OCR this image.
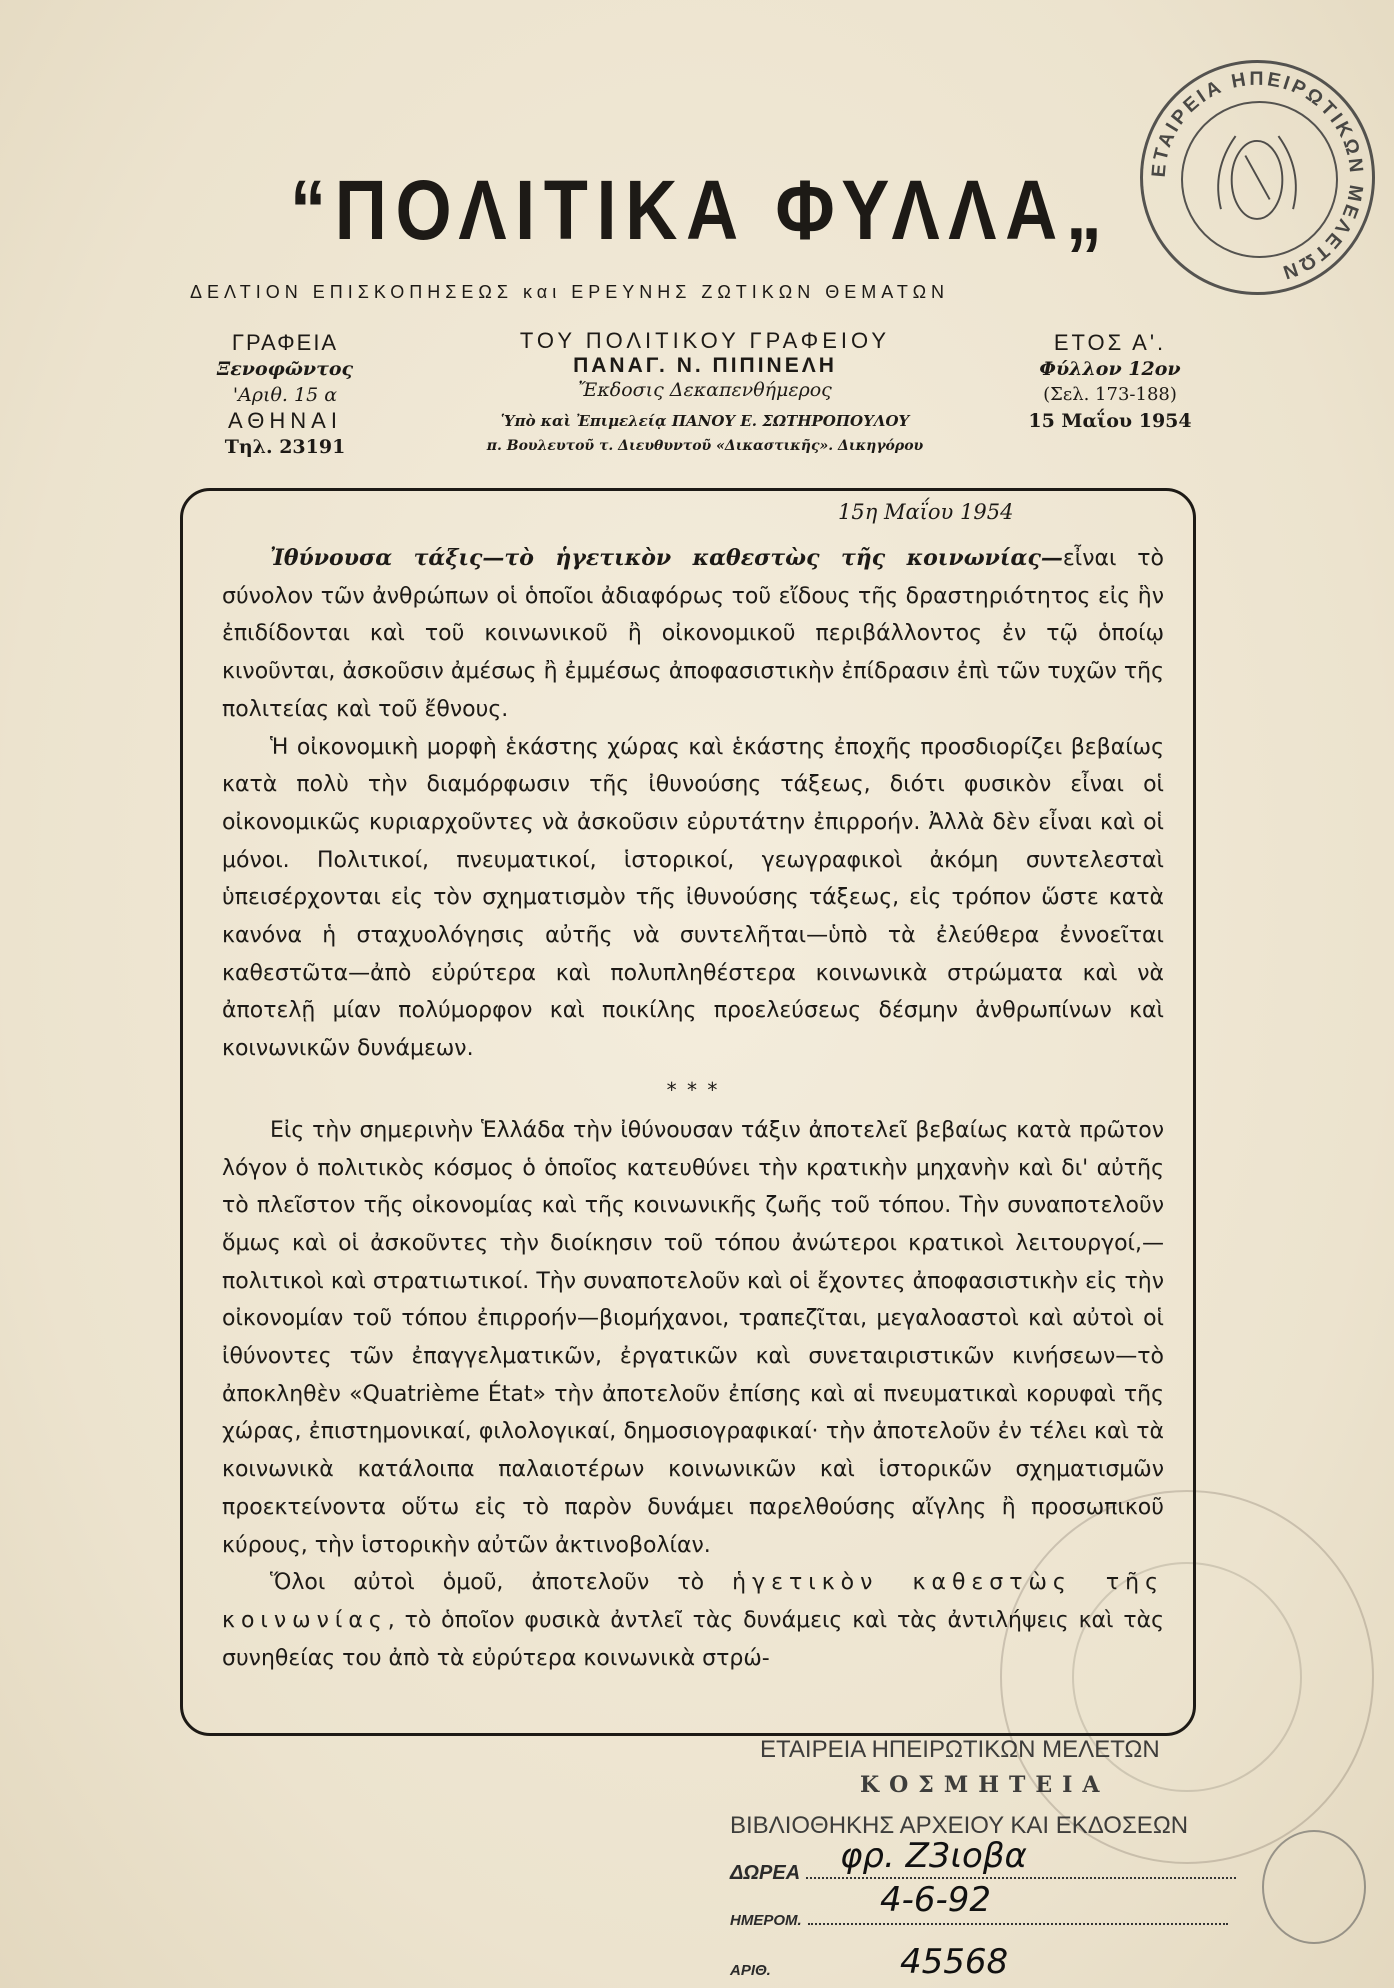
ΕΤΑΙΡΕΙΑ ΗΠΕΙΡΩΤΙΚΩΝ ΜΕΛΕΤΩΝ
“ΠΟΛΙΤΙΚΑ ΦΥΛΛΑ„
ΔΕΛΤΙΟΝ ΕΠΙΣΚΟΠΗΣΕΩΣ και ΕΡΕΥΝΗΣ ΖΩΤΙΚΩΝ ΘΕΜΑΤΩΝ
ΓΡΑΦΕΙΑ
Ξενοφῶντος
'Αριθ. 15 α
ΑΘΗΝΑΙ
Τηλ. 23191
ΤΟΥ ΠΟΛΙΤΙΚΟΥ ΓΡΑΦΕΙΟΥ
ΠΑΝΑΓ. Ν. ΠΙΠΙΝΕΛΗ
Ἔκδοσις Δεκαπενθήμερος
Ὑπὸ καὶ Ἐπιμελείᾳ ΠΑΝΟΥ Ε. ΣΩΤΗΡΟΠΟΥΛΟΥ
π. Βουλευτοῦ τ. Διευθυντοῦ «Δικαστικῆς». Δικηγόρου
ΕΤΟΣ Α'.
Φύλλον 12ον
(Σελ. 173-188)
15 Μαΐου 1954
15η Μαΐου 1954

Ἰθύνουσα τάξις—τὸ ἡγετικὸν καθεστὼς τῆς κοινωνίας—εἶναι τὸ σύνολον τῶν ἀνθρώπων οἱ ὁποῖοι ἀδιαφόρως τοῦ εἴδους τῆς δραστηριότητος εἰς ἣν ἐπιδίδονται καὶ τοῦ κοινωνικοῦ ἢ οἰκονομικοῦ περιβάλλοντος ἐν τῷ ὁποίῳ κινοῦνται, ἀσκοῦσιν ἀμέσως ἢ ἐμμέσως ἀποφασιστικὴν ἐπίδρασιν ἐπὶ τῶν τυχῶν τῆς πολιτείας καὶ τοῦ ἔθνους.

Ἡ οἰκονομικὴ μορφὴ ἑκάστης χώρας καὶ ἑκάστης ἐποχῆς προσδιορίζει βεβαίως κατὰ πολὺ τὴν διαμόρφωσιν τῆς ἰθυνούσης τάξεως, διότι φυσικὸν εἶναι οἱ οἰκονομικῶς κυριαρχοῦντες νὰ ἀσκοῦσιν εὐρυτάτην ἐπιρροήν. Ἀλλὰ δὲν εἶναι καὶ οἱ μόνοι. Πολιτικοί, πνευματικοί, ἱστορικοί, γεωγραφικοὶ ἀκόμη συντελεσταὶ ὑπεισέρχονται εἰς τὸν σχηματισμὸν τῆς ἰθυνούσης τάξεως, εἰς τρόπον ὥστε κατὰ κανόνα ἡ σταχυολόγησις αὐτῆς νὰ συντελῆται—ὑπὸ τὰ ἐλεύθερα ἐννοεῖται καθεστῶτα—ἀπὸ εὐρύτερα καὶ πολυπληθέστερα κοινωνικὰ στρώματα καὶ νὰ ἀποτελῇ μίαν πολύμορφον καὶ ποικίλης προελεύσεως δέσμην ἀνθρωπίνων καὶ κοινωνικῶν δυνάμεων.

* * *

Εἰς τὴν σημερινὴν Ἑλλάδα τὴν ἰθύνουσαν τάξιν ἀποτελεῖ βεβαίως κατὰ πρῶτον λόγον ὁ πολιτικὸς κόσμος ὁ ὁποῖος κατευθύνει τὴν κρατικὴν μηχανὴν καὶ δι' αὐτῆς τὸ πλεῖστον τῆς οἰκονομίας καὶ τῆς κοινωνικῆς ζωῆς τοῦ τόπου. Τὴν συναποτελοῦν ὅμως καὶ οἱ ἀσκοῦντες τὴν διοίκησιν τοῦ τόπου ἀνώτεροι κρατικοὶ λειτουργοί,—πολιτικοὶ καὶ στρατιωτικοί. Τὴν συναποτελοῦν καὶ οἱ ἔχοντες ἀποφασιστικὴν εἰς τὴν οἰκονομίαν τοῦ τόπου ἐπιρροήν—βιομήχανοι, τραπεζῖται, μεγαλοαστοὶ καὶ αὐτοὶ οἱ ἰθύνοντες τῶν ἐπαγγελματικῶν, ἐργατικῶν καὶ συνεταιριστικῶν κινήσεων—τὸ ἀποκληθὲν «Quatrième État» τὴν ἀποτελοῦν ἐπίσης καὶ αἱ πνευματικαὶ κορυφαὶ τῆς χώρας, ἐπιστημονικαί, φιλολογικαί, δημοσιογραφικαί· τὴν ἀποτελοῦν ἐν τέλει καὶ τὰ κοινωνικὰ κατάλοιπα παλαιοτέρων κοινωνικῶν καὶ ἱστορικῶν σχηματισμῶν προεκτείνοντα οὕτω εἰς τὸ παρὸν δυνάμει παρελθούσης αἴγλης ἢ προσωπικοῦ κύρους, τὴν ἱστορικὴν αὐτῶν ἀκτινοβολίαν.

Ὅλοι αὐτοὶ ὁμοῦ, ἀποτελοῦν τὸ ἡγετικὸν καθεστὼς τῆς κοινωνίας, τὸ ὁποῖον φυσικὰ ἀντλεῖ τὰς δυνάμεις καὶ τὰς ἀντιλήψεις καὶ τὰς συνηθείας του ἀπὸ τὰ εὐρύτερα κοινωνικὰ στρώ-

ΕΤΑΙΡΕΙΑ ΗΠΕΙΡΩΤΙΚΩΝ ΜΕΛΕΤΩΝ
ΚΟΣΜΗΤΕΙΑ
ΒΙΒΛΙΟΘΗΚΗΣ ΑΡΧΕΙΟΥ ΚΑΙ ΕΚΔΟΣΕΩΝ
ΔΩΡΕΑ	φρ. Ζ3ιοβα
ΗΜΕΡΟΜ.
4-6-92
ΑΡΙΘ.	45568
